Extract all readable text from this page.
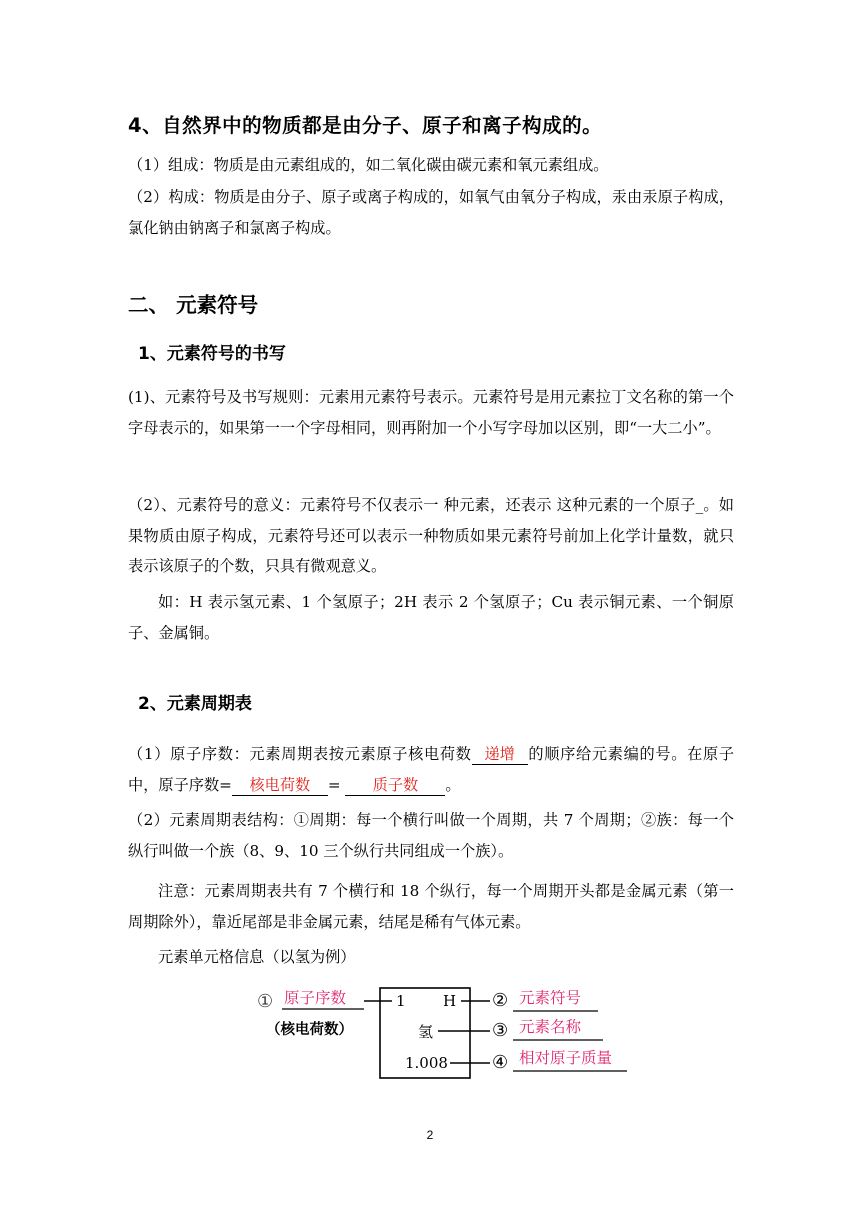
4、自然界中的物质都是由分子、原子和离子构成的。
（1）组成：物质是由元素组成的，如二氧化碳由碳元素和氧元素组成。
（2）构成：物质是由分子、原子或离子构成的，如氧气由氧分子构成，汞由汞原子构成，氯化钠由钠离子和氯离子构成。
二、 元素符号
1、元素符号的书写
(1)、元素符号及书写规则：元素用元素符号表示。元素符号是用元素拉丁文名称的第一个字母表示的，如果第一一个字母相同，则再附加一个小写字母加以区别，即“一大二小”。
（2）、元素符号的意义：元素符号不仅表示一 种元素，还表示 这种元素的一个原子_。如果物质由原子构成，元素符号还可以表示一种物质如果元素符号前加上化学计量数，就只表示该原子的个数，只具有微观意义。
如：H 表示氢元素、1 个氢原子；2H 表示 2 个氢原子；Cu 表示铜元素、一个铜原子、金属铜。
2、元素周期表
（1）原子序数：元素周期表按元素原子核电荷数 递增 的顺序给元素编的号。在原子中，原子序数= 核电荷数 = 质子数 。
（2）元素周期表结构：①周期：每一个横行叫做一个周期，共 7 个周期；②族：每一个纵行叫做一个族（8、9、10 三个纵行共同组成一个族）。
注意：元素周期表共有 7 个横行和 18 个纵行，每一个周期开头都是金属元素（第一周期除外），靠近尾部是非金属元素，结尾是稀有气体元素。
元素单元格信息（以氢为例）
① 原子序数
（核电荷数）
1 H
氢
1.008
② 元素符号
③ 元素名称
④ 相对原子质量
2
